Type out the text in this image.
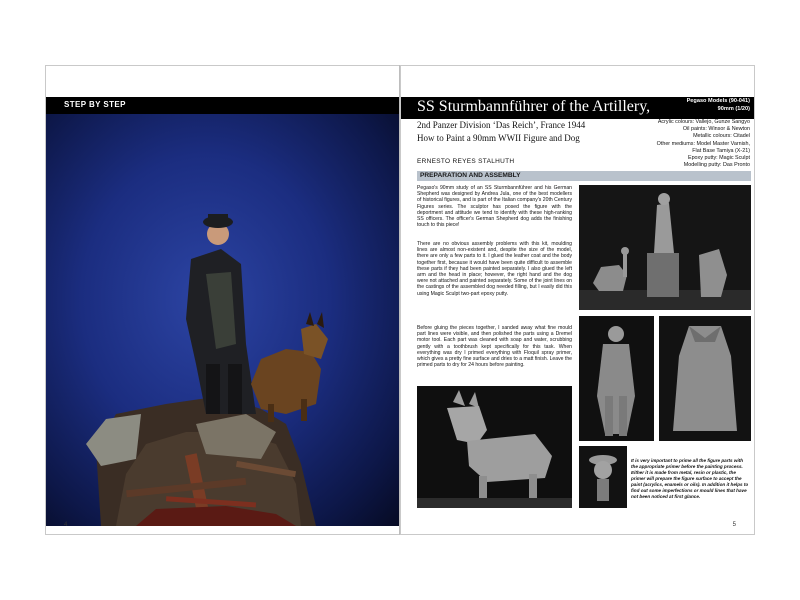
STEP BY STEP
4
SS Sturmbannführer of the Artillery,	Pegaso Models (90-041)
90mm (1/20)
Acrylic colours: Vallejo, Gunze Sangyo
Oil paints: Winsor & Newton
Metallic colours: Citadel
Other mediums: Model Master Varnish,
Flat Base Tamiya (X-21)
Epoxy putty: Magic Sculpt
Modelling putty: Das Pronto
2nd Panzer Division ‘Das Reich’, France 1944
How to Paint a 90mm WWII Figure and Dog
ERNESTO REYES STALHUTH
PREPARATION AND ASSEMBLY

Pegaso's 90mm study of an SS Sturmbannführer and his German Shepherd was designed by Andrea Jula, one of the best modellers of historical figures, and is part of the Italian company's 20th Century Figures series. The sculptor has posed the figure with the deportment and attitude we tend to identify with these high-ranking SS officers. The officer's German Shepherd dog adds the finishing touch to this piece!

There are no obvious assembly problems with this kit, moulding lines are almost non-existent and, despite the size of the model, there are only a few parts to it. I glued the leather coat and the body together first, because it would have been quite difficult to assemble these parts if they had been painted separately. I also glued the left arm and the head in place; however, the right hand and the dog were not attached and painted separately. Some of the joint lines on the castings of the assembled dog needed filling, but I easily did this using Magic Sculpt two-part epoxy putty.

Before gluing the pieces together, I sanded away what fine mould part lines were visible, and then polished the parts using a Dremel motor tool. Each part was cleaned with soap and water, scrubbing gently with a toothbrush kept specifically for this task. When everything was dry I primed everything with Floquil spray primer, which gives a pretty fine surface and dries to a matt finish. Leave the primed parts to dry for 24 hours before painting.

It is very important to prime all the figure parts with the appropriate primer before the painting process. Either it is made from metal, resin or plastic, the primer will prepare the figure surface to accept the paint (acrylics, enamels or oils). In addition it helps to find out some imperfections or mould lines that have not been noticed at first glance.

5
